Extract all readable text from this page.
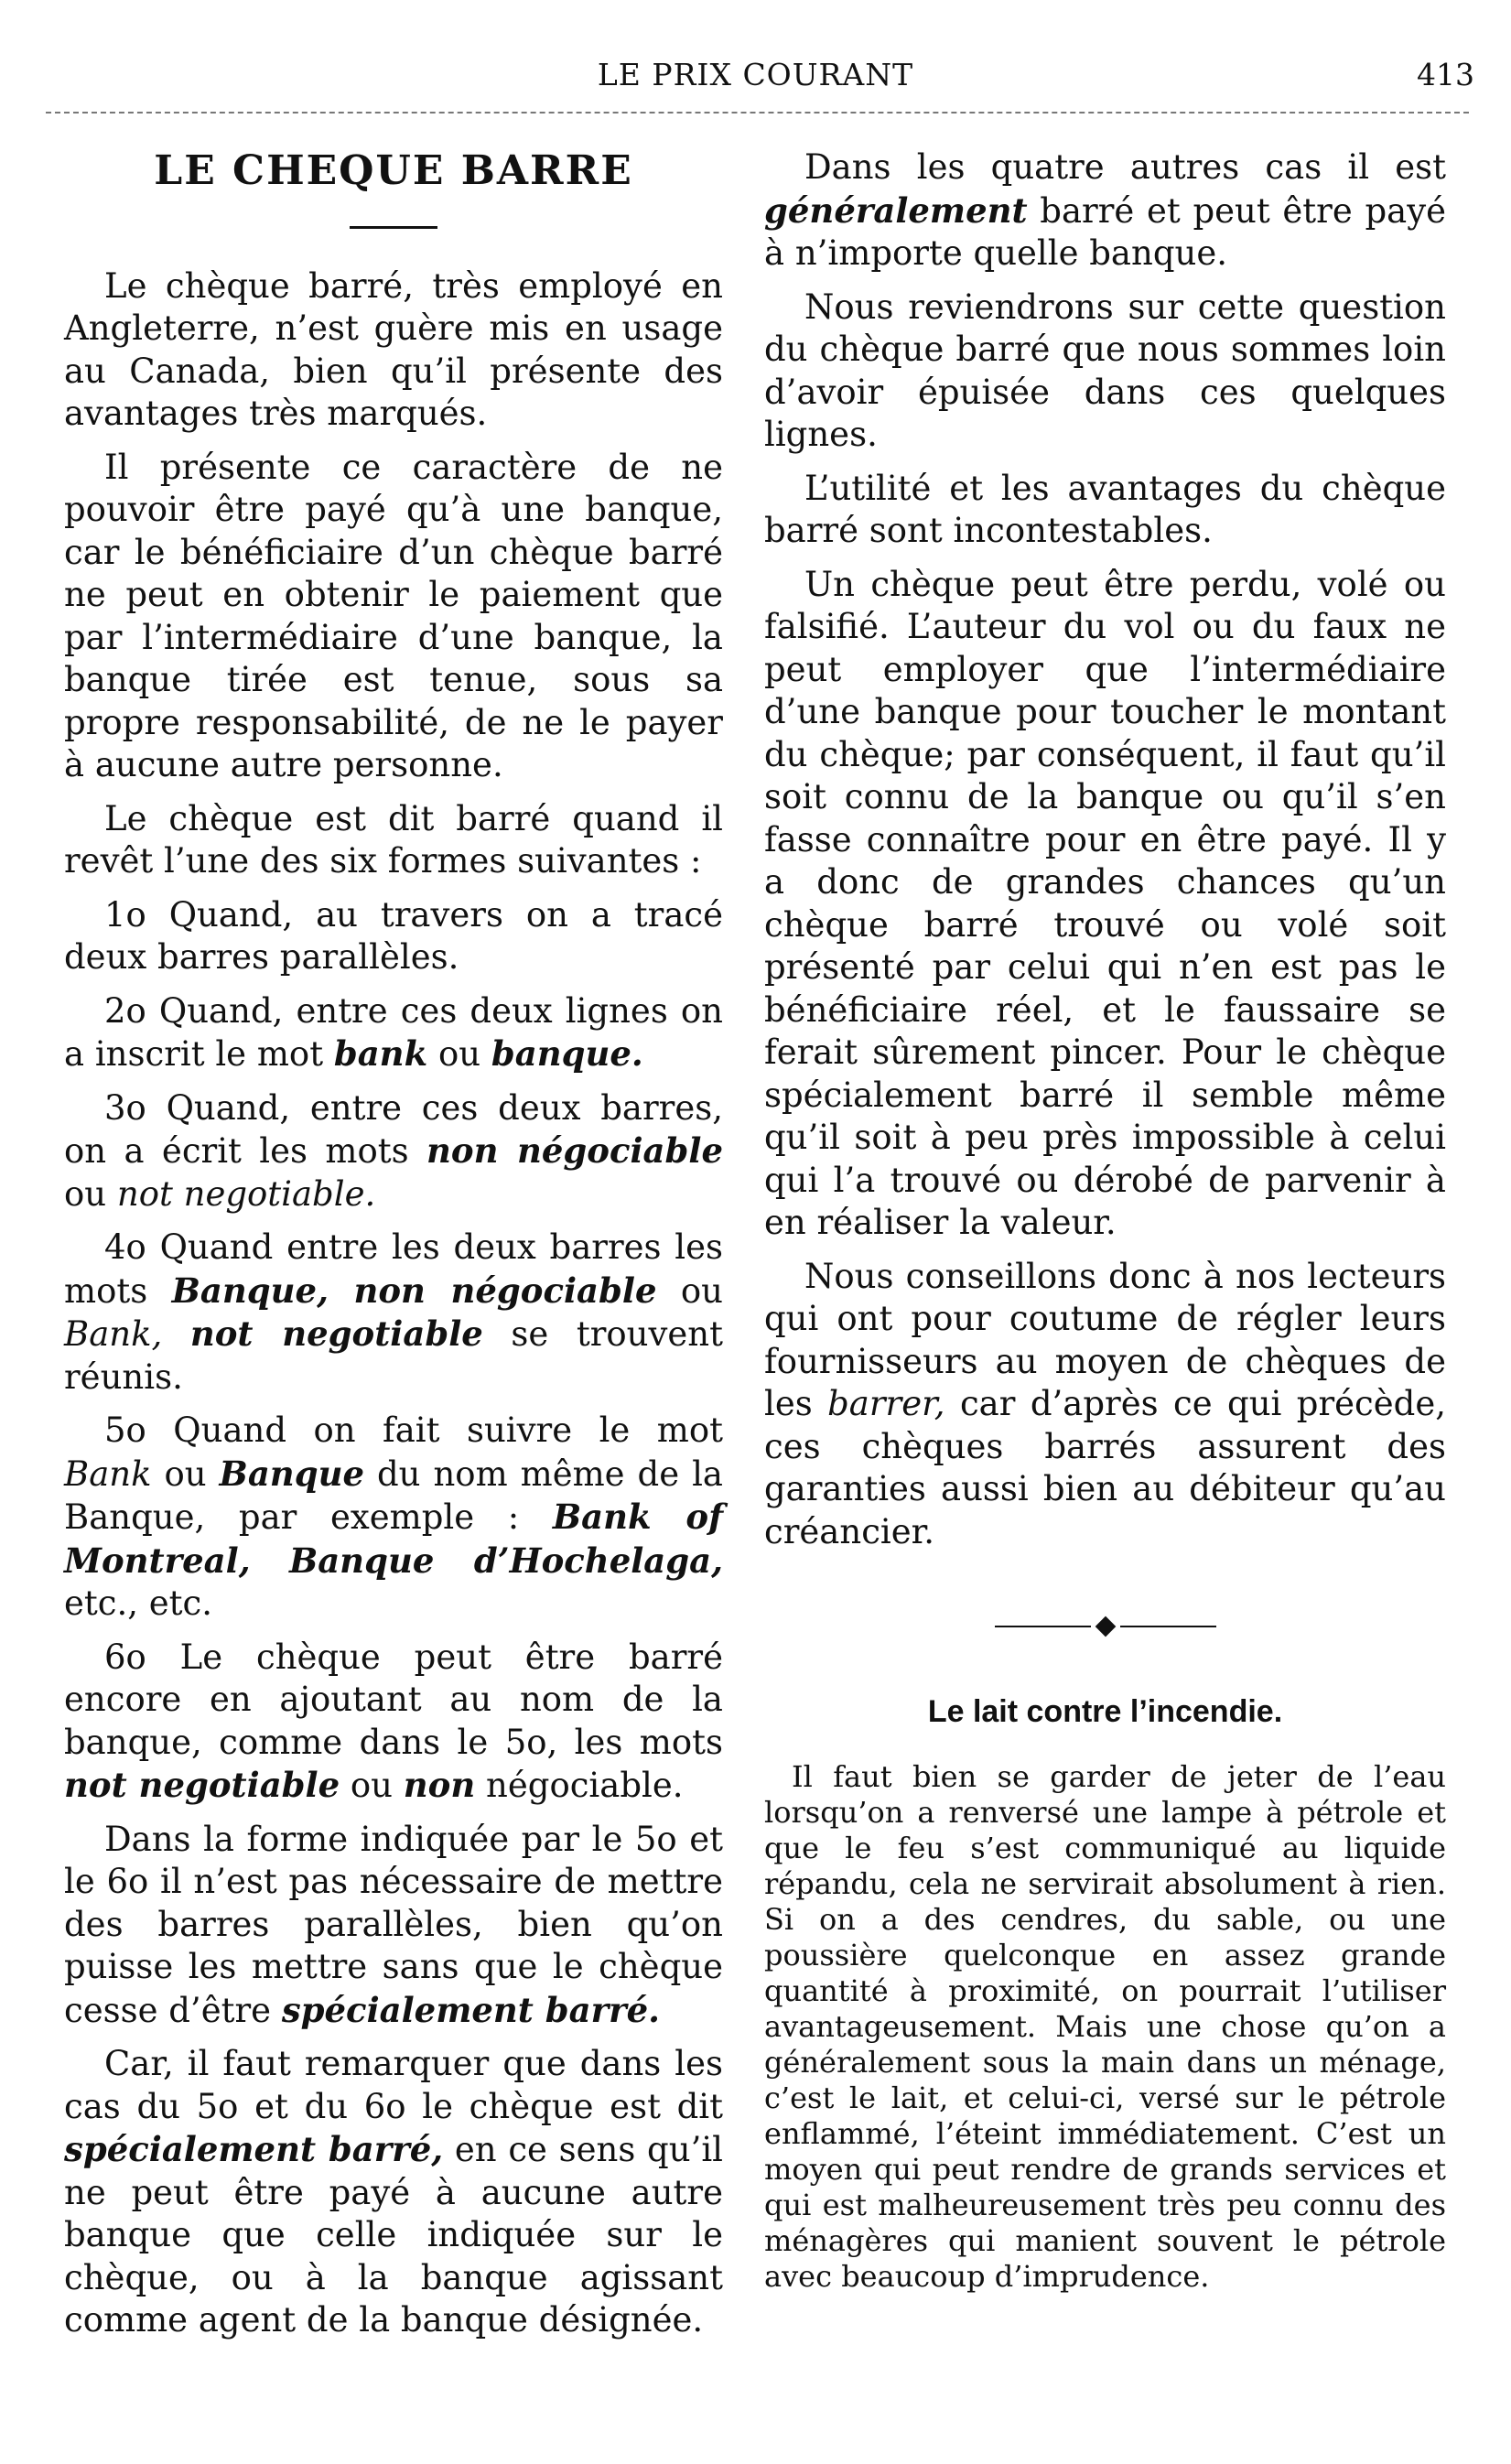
LE PRIX COURANT	413
LE CHEQUE BARRE

Le chèque barré, très employé en Angleterre, n’est guère mis en usage au Canada, bien qu’il présente des avantages très marqués.

Il présente ce caractère de ne pouvoir être payé qu’à une banque, car le bénéficiaire d’un chèque barré ne peut en obtenir le paiement que par l’intermédiaire d’une banque, la banque tirée est tenue, sous sa propre responsabilité, de ne le payer à aucune autre personne.

Le chèque est dit barré quand il revêt l’une des six formes suivantes :

1o Quand, au travers on a tracé deux barres parallèles.

2o Quand, entre ces deux lignes on a inscrit le mot bank ou banque.

3o Quand, entre ces deux barres, on a écrit les mots non négociable ou not negotiable.

4o Quand entre les deux barres les mots Banque, non négociable ou Bank, not negotiable se trouvent réunis.

5o Quand on fait suivre le mot Bank ou Banque du nom même de la Banque, par exemple : Bank of Montreal, Banque d’Hochelaga, etc., etc.

6o Le chèque peut être barré encore en ajoutant au nom de la banque, comme dans le 5o, les mots not negotiable ou non négociable.

Dans la forme indiquée par le 5o et le 6o il n’est pas nécessaire de mettre des barres parallèles, bien qu’on puisse les mettre sans que le chèque cesse d’être spécialement barré.

Car, il faut remarquer que dans les cas du 5o et du 6o le chèque est dit spécialement barré, en ce sens qu’il ne peut être payé à aucune autre banque que celle indiquée sur le chèque, ou à la banque agissant comme agent de la banque désignée.

Dans les quatre autres cas il est généralement barré et peut être payé à n’importe quelle banque.

Nous reviendrons sur cette question du chèque barré que nous sommes loin d’avoir épuisée dans ces quelques lignes.

L’utilité et les avantages du chèque barré sont incontestables.

Un chèque peut être perdu, volé ou falsifié. L’auteur du vol ou du faux ne peut employer que l’intermédiaire d’une banque pour toucher le montant du chèque; par conséquent, il faut qu’il soit connu de la banque ou qu’il s’en fasse connaître pour en être payé. Il y a donc de grandes chances qu’un chèque barré trouvé ou volé soit présenté par celui qui n’en est pas le bénéficiaire réel, et le faussaire se ferait sûrement pincer. Pour le chèque spécialement barré il semble même qu’il soit à peu près impossible à celui qui l’a trouvé ou dérobé de parvenir à en réaliser la valeur.

Nous conseillons donc à nos lecteurs qui ont pour coutume de régler leurs fournisseurs au moyen de chèques de les barrer, car d’après ce qui précède, ces chèques barrés assurent des garanties aussi bien au débiteur qu’au créancier.

Le lait contre l’incendie.

Il faut bien se garder de jeter de l’eau lorsqu’on a renversé une lampe à pétrole et que le feu s’est communiqué au liquide répandu, cela ne servirait absolument à rien. Si on a des cendres, du sable, ou une poussière quelconque en assez grande quantité à proximité, on pourrait l’utiliser avantageusement. Mais une chose qu’on a généralement sous la main dans un ménage, c’est le lait, et celui-ci, versé sur le pétrole enflammé, l’éteint immédiatement. C’est un moyen qui peut rendre de grands services et qui est malheureusement très peu connu des ménagères qui manient souvent le pétrole avec beaucoup d’imprudence.
